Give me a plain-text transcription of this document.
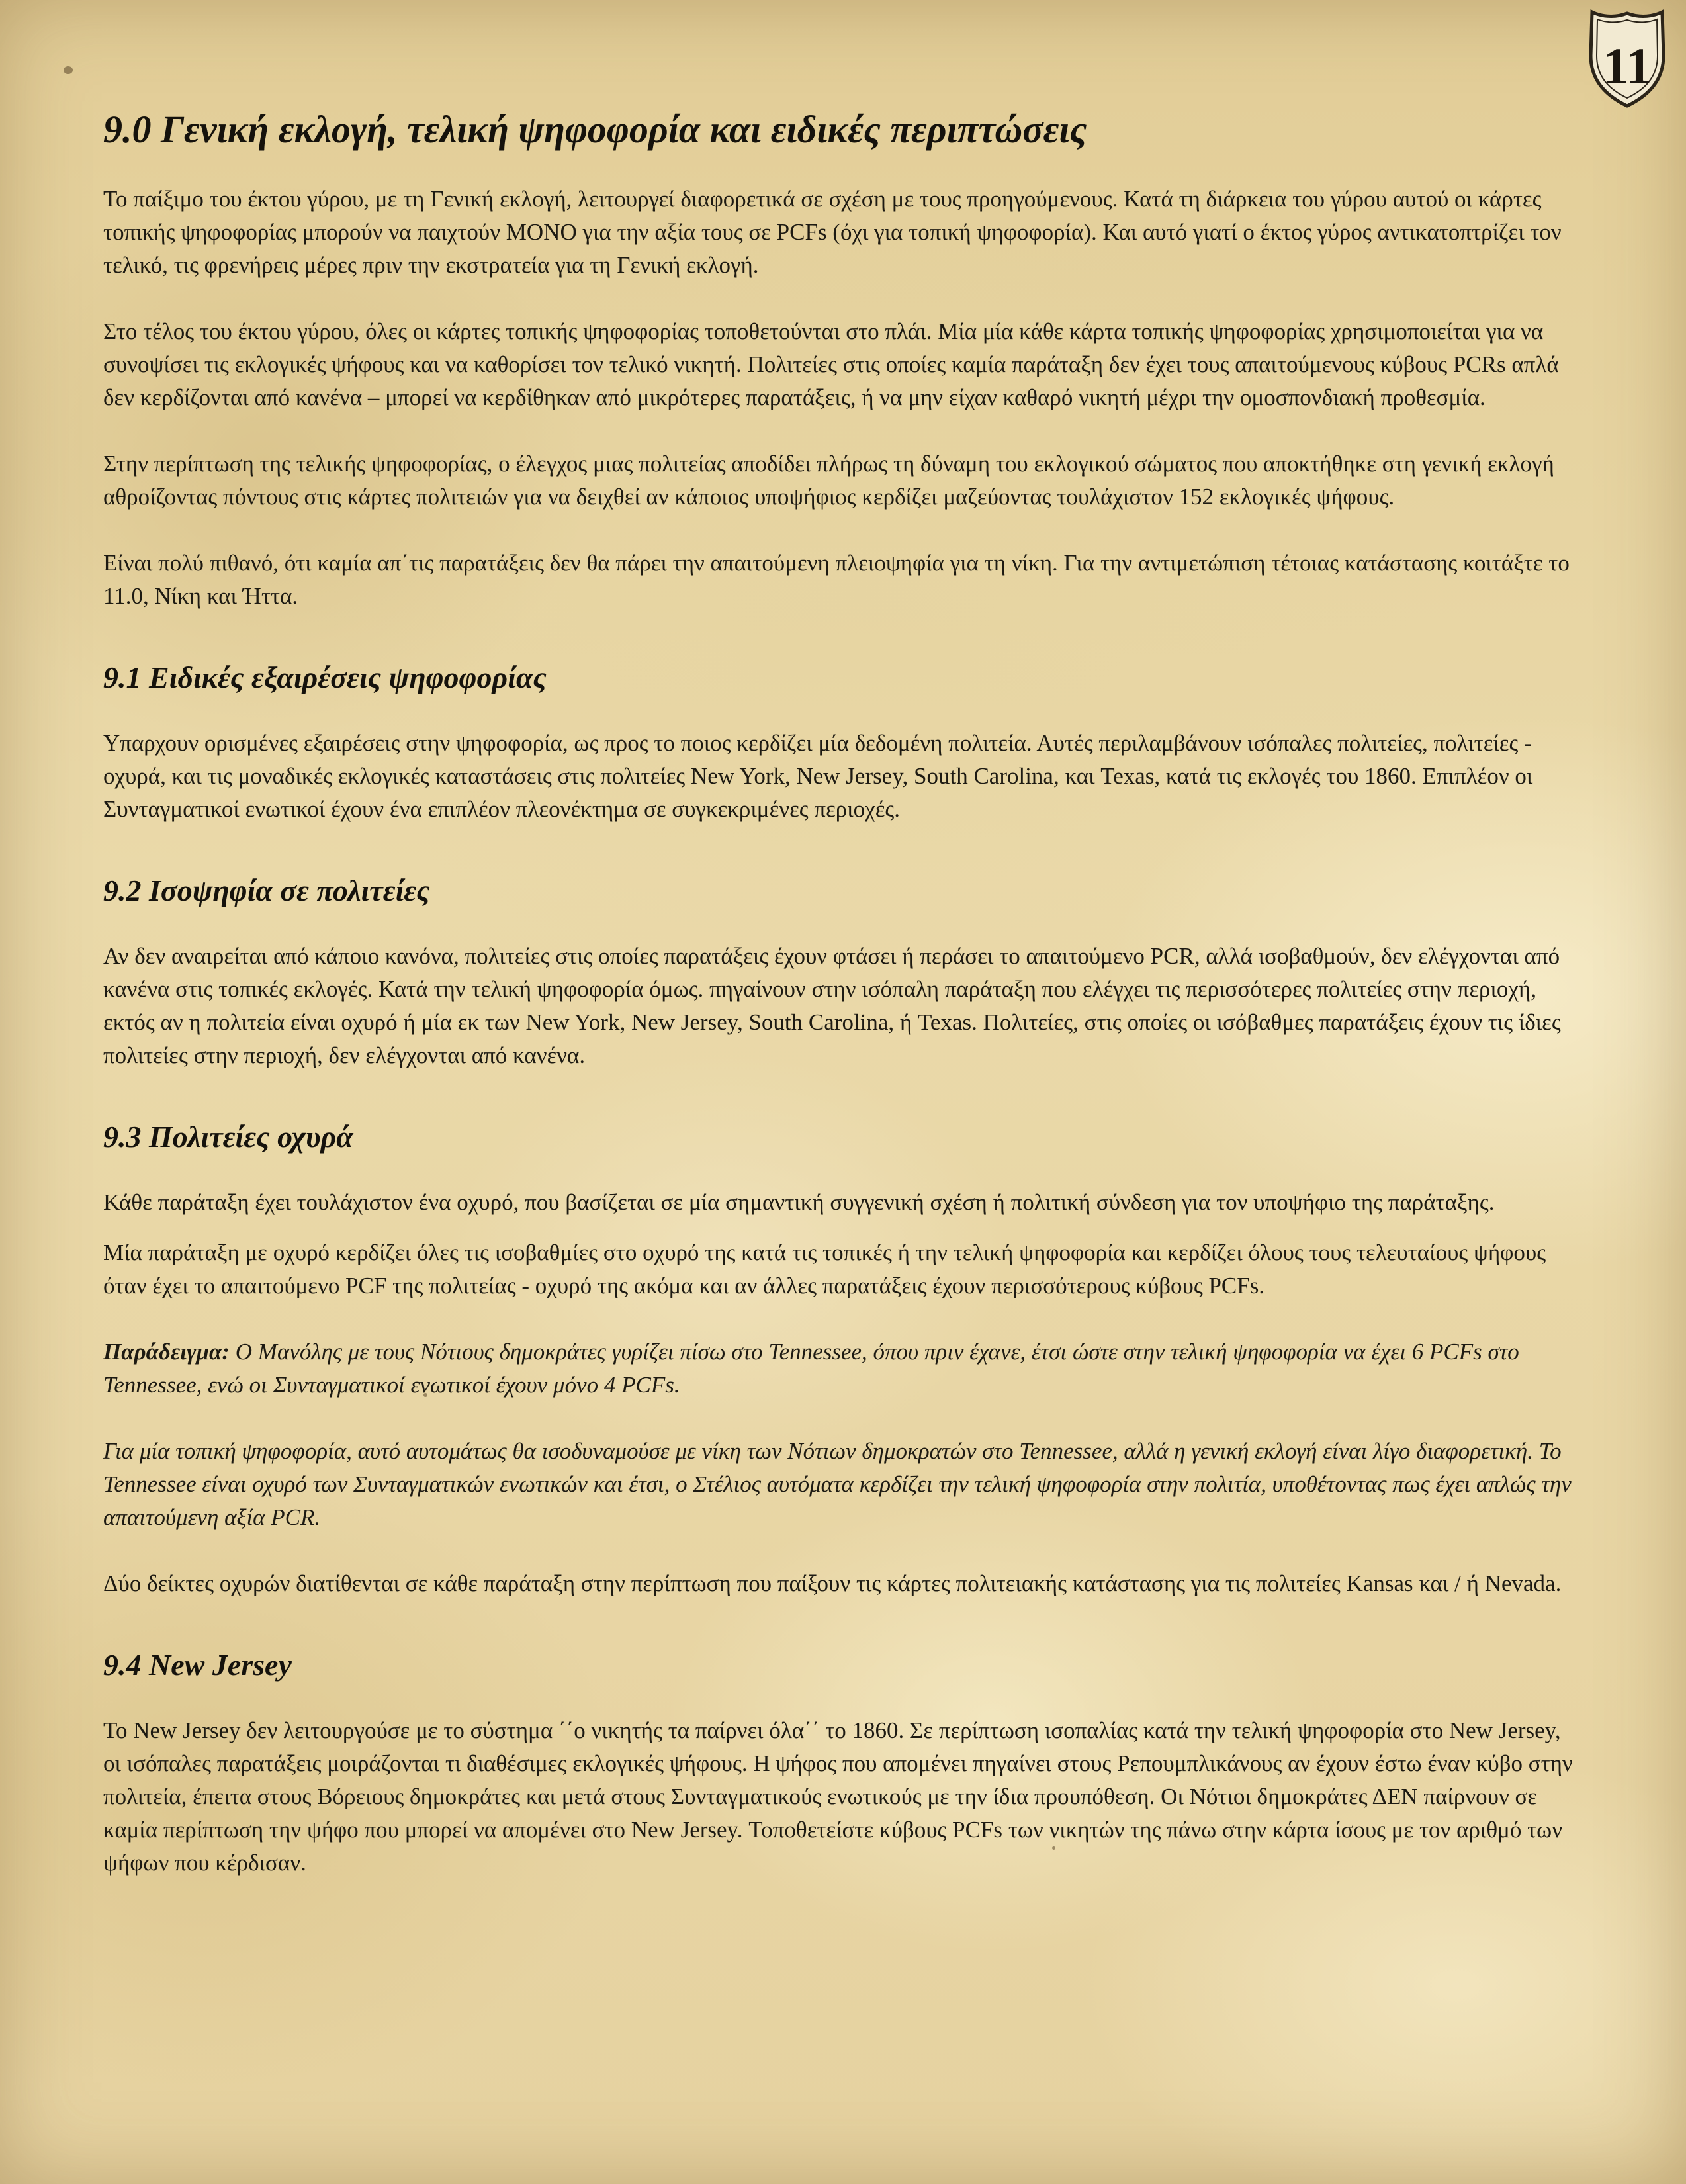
11
9.0 Γενική εκλογή, τελική ψηφοφορία και ειδικές περιπτώσεις

Το παίξιμο του έκτου γύρου, με τη Γενική εκλογή, λειτουργεί διαφορετικά σε σχέση με τους προηγούμενους. Κατά τη διάρκεια του γύρου αυτού οι κάρτες τοπικής ψηφοφορίας μπορούν να παιχτούν ΜΟΝΟ για την αξία τους σε PCFs (όχι για τοπική ψηφοφορία). Και αυτό γιατί ο έκτος γύρος αντικατοπτρίζει τον τελικό, τις φρενήρεις μέρες πριν την εκστρατεία για τη Γενική εκλογή.

Στο τέλος του έκτου γύρου, όλες οι κάρτες τοπικής ψηφοφορίας τοποθετούνται στο πλάι. Μία μία κάθε κάρτα τοπικής ψηφοφορίας χρησιμοποιείται για να συνοψίσει τις εκλογικές ψήφους και να καθορίσει τον τελικό νικητή. Πολιτείες στις οποίες καμία παράταξη δεν έχει τους απαιτούμενους κύβους PCRs απλά δεν κερδίζονται από κανένα – μπορεί να κερδίθηκαν από μικρότερες παρατάξεις, ή να μην είχαν καθαρό νικητή μέχρι την ομοσπονδιακή προθεσμία.

Στην περίπτωση της τελικής ψηφοφορίας, ο έλεγχος μιας πολιτείας αποδίδει πλήρως τη δύναμη του εκλογικού σώματος που αποκτήθηκε στη γενική εκλογή αθροίζοντας πόντους στις κάρτες πολιτειών για να δειχθεί αν κάποιος υποψήφιος κερδίζει μαζεύοντας τουλάχιστον 152 εκλογικές ψήφους.

Είναι πολύ πιθανό, ότι καμία απ΄τις παρατάξεις δεν θα πάρει την απαιτούμενη πλειοψηφία για τη νίκη. Για την αντιμετώπιση τέτοιας κατάστασης κοιτάξτε το 11.0, Νίκη και Ήττα.

9.1 Ειδικές εξαιρέσεις ψηφοφορίας

Υπαρχουν ορισμένες εξαιρέσεις στην ψηφοφορία, ως προς το ποιος κερδίζει μία δεδομένη πολιτεία. Αυτές περιλαμβάνουν ισόπαλες πολιτείες, πολιτείες - οχυρά, και τις μοναδικές εκλογικές καταστάσεις στις πολιτείες New York, New Jersey, South Carolina, και Texas, κατά τις εκλογές του 1860. Επιπλέον οι Συνταγματικοί ενωτικοί έχουν ένα επιπλέον πλεονέκτημα σε συγκεκριμένες περιοχές.

9.2 Ισοψηφία σε πολιτείες

Αν δεν αναιρείται από κάποιο κανόνα, πολιτείες στις οποίες παρατάξεις έχουν φτάσει ή περάσει το απαιτούμενο PCR, αλλά ισοβαθμούν, δεν ελέγχονται από κανένα στις τοπικές εκλογές. Κατά την τελική ψηφοφορία όμως. πηγαίνουν στην ισόπαλη παράταξη που ελέγχει τις περισσότερες πολιτείες στην περιοχή, εκτός αν η πολιτεία είναι οχυρό ή μία εκ των New York, New Jersey, South Carolina, ή Texas. Πολιτείες, στις οποίες οι ισόβαθμες παρατάξεις έχουν τις ίδιες πολιτείες στην περιοχή, δεν ελέγχονται από κανένα.

9.3 Πολιτείες οχυρά

Κάθε παράταξη έχει τουλάχιστον ένα οχυρό, που βασίζεται σε μία σημαντική συγγενική σχέση ή πολιτική σύνδεση για τον υποψήφιο της παράταξης.

Μία παράταξη με οχυρό κερδίζει όλες τις ισοβαθμίες στο οχυρό της κατά τις τοπικές ή την τελική ψηφοφορία και κερδίζει όλους τους τελευταίους ψήφους όταν έχει το απαιτούμενο PCF της πολιτείας - οχυρό της ακόμα και αν άλλες παρατάξεις έχουν περισσότερους κύβους PCFs.

Παράδειγμα: Ο Μανόλης με τους Νότιους δημοκράτες γυρίζει πίσω στο Tennessee, όπου πριν έχανε, έτσι ώστε στην τελική ψηφοφορία να έχει 6 PCFs στο Tennessee, ενώ οι Συνταγματικοί ενωτικοί έχουν μόνο 4 PCFs.

Για μία τοπική ψηφοφορία, αυτό αυτομάτως θα ισοδυναμούσε με νίκη των Νότιων δημοκρατών στο Tennessee, αλλά η γενική εκλογή είναι λίγο διαφορετική. Το Tennessee είναι οχυρό των Συνταγματικών ενωτικών και έτσι, ο Στέλιος αυτόματα κερδίζει την τελική ψηφοφορία στην πολιτία, υποθέτοντας πως έχει απλώς την απαιτούμενη αξία PCR.

Δύο δείκτες οχυρών διατίθενται σε κάθε παράταξη στην περίπτωση που παίξουν τις κάρτες πολιτειακής κατάστασης για τις πολιτείες Kansas και / ή Nevada.

9.4 New Jersey

Το New Jersey δεν λειτουργούσε με το σύστημα ΄΄ο νικητής τα παίρνει όλα΄΄ το 1860. Σε περίπτωση ισοπαλίας κατά την τελική ψηφοφορία στο New Jersey, οι ισόπαλες παρατάξεις μοιράζονται τι διαθέσιμες εκλογικές ψήφους. Η ψήφος που απομένει πηγαίνει στους Ρεπουμπλικάνους αν έχουν έστω έναν κύβο στην πολιτεία, έπειτα στους Βόρειους δημοκράτες και μετά στους Συνταγματικούς ενωτικούς με την ίδια προυπόθεση. Οι Νότιοι δημοκράτες ΔΕΝ παίρνουν σε καμία περίπτωση την ψήφο που μπορεί να απομένει στο New Jersey. Τοποθετείστε κύβους PCFs των νικητών της πάνω στην κάρτα ίσους με τον αριθμό των ψήφων που κέρδισαν.
